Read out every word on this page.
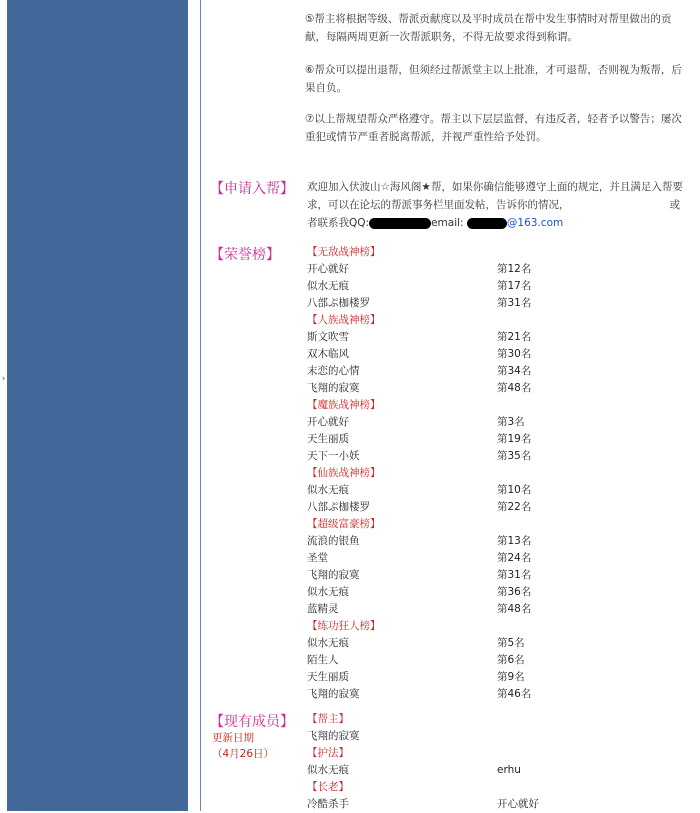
›
⑤帮主将根据等级、帮派贡献度以及平时成员在帮中发生事情时对帮里做出的贡献，每隔两周更新一次帮派职务，不得无故要求得到称谓。
⑥帮众可以提出退帮，但须经过帮派堂主以上批准，才可退帮，否则视为叛帮，后果自负。
⑦以上帮规望帮众严格遵守。帮主以下层层监督，有违反者，轻者予以警告；屡次重犯或情节严重者脱离帮派，并视严重性给予处罚。
【申请入帮】 欢迎加入伏波山☆海风阁★帮，如果你确信能够遵守上面的规定，并且满足入帮要求，可以在论坛的帮派事务栏里面发帖，告诉你的情况，	或者联系我QQ:	email:	@163.com
【荣誉榜】	【无敌战神榜】
开心就好	第12名
似水无痕	第17名
八部ぷ枷楼罗	第31名
【人族战神榜】
斯文吹雪	第21名
双木临风	第30名
末恋的心情	第34名
飞翔的寂寞	第48名
【魔族战神榜】
开心就好	第3名
天生丽质	第19名
天下一小妖	第35名
【仙族战神榜】
似水无痕	第10名
八部ぷ枷楼罗	第22名
【超级富豪榜】
流浪的银鱼	第13名
圣堂	第24名
飞翔的寂寞	第31名
似水无痕	第36名
蓝精灵	第48名
【练功狂人榜】
似水无痕	第5名
陌生人	第6名
天生丽质	第9名
飞翔的寂寞	第46名
【现有成员】
更新日期
（4月26日）
【帮主】
飞翔的寂寞
【护法】
似水无痕	erhu
【长老】
冷酷杀手	开心就好
